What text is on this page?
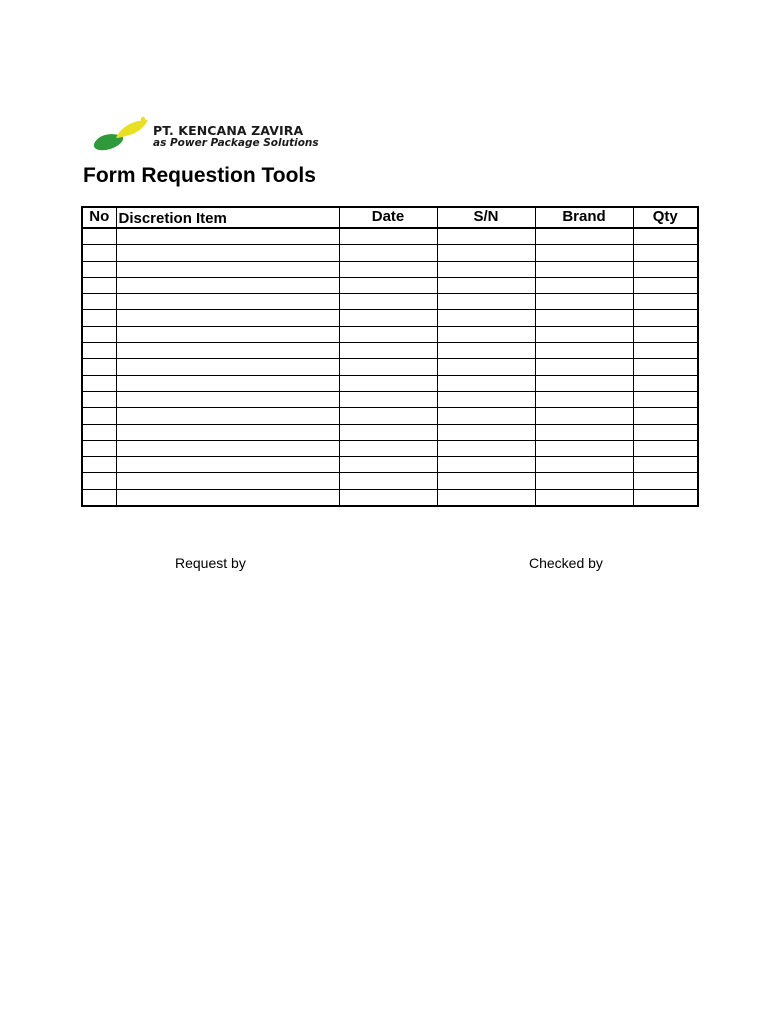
PT. KENCANA ZAVIRA
as Power Package Solutions
Form Requestion Tools
No	Discretion Item	Date	S/N	Brand	Qty

Request by	Checked by
